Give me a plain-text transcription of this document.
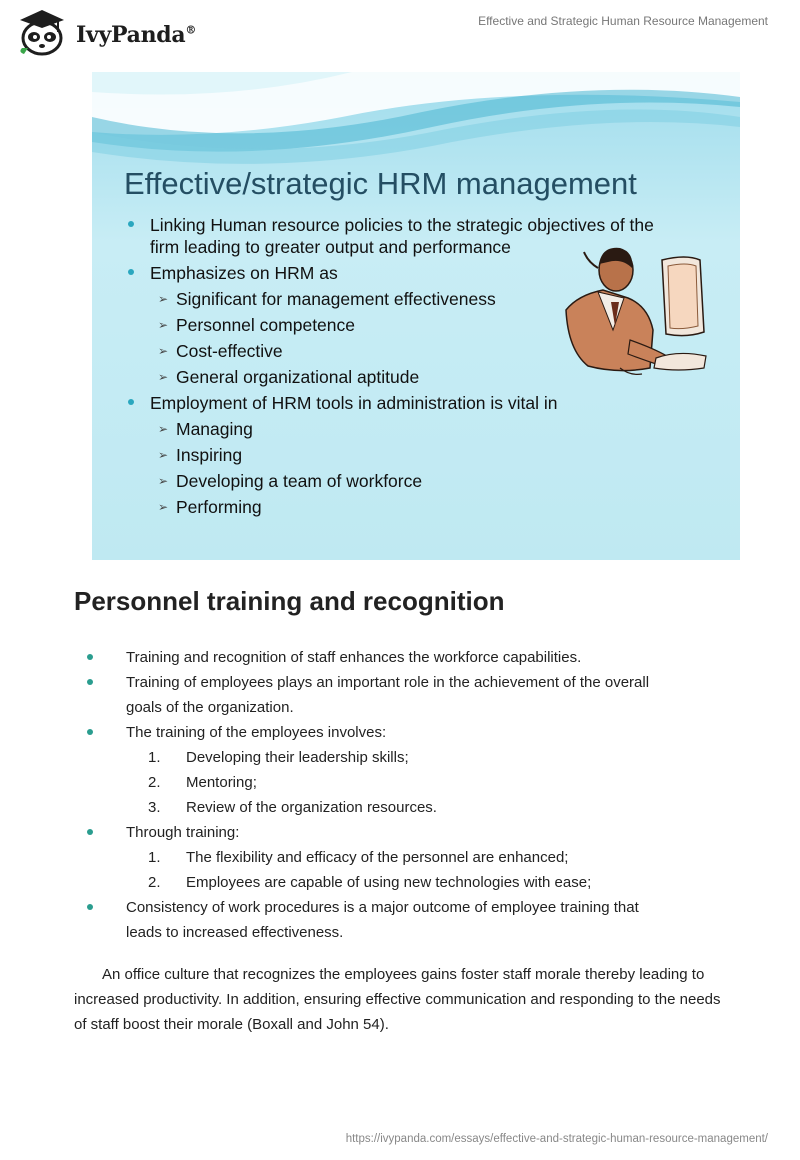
IvyPanda®
Effective and Strategic Human Resource Management
Effective/strategic HRM management
Linking Human resource policies to the strategic objectives of the
firm leading to greater output and performance
Emphasizes on HRM as
➢ Significant for management effectiveness
➢ Personnel competence
➢ Cost-effective
➢ General organizational aptitude
Employment of HRM tools in administration is vital in
➢ Managing
➢ Inspiring
➢ Developing a team of workforce
➢ Performing
Personnel training and recognition
Training and recognition of staff enhances the workforce capabilities.
Training of employees plays an important role in the achievement of the overall
goals of the organization.
The training of the employees involves:
1. Developing their leadership skills;
2. Mentoring;
3. Review of the organization resources.
Through training:
1. The flexibility and efficacy of the personnel are enhanced;
2. Employees are capable of using new technologies with ease;
Consistency of work procedures is a major outcome of employee training that
leads to increased effectiveness.

An office culture that recognizes the employees gains foster staff morale thereby leading to increased productivity. In addition, ensuring effective communication and responding to the needs of staff boost their morale (Boxall and John 54).

https://ivypanda.com/essays/effective-and-strategic-human-resource-management/
